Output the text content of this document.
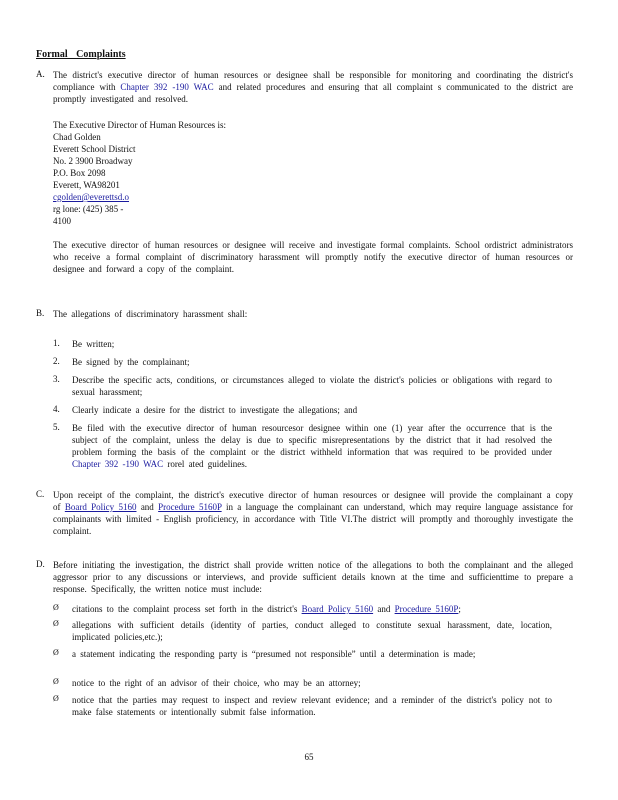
Formal Complaints
A. The district's executive director of human resources or designee shall be responsible for monitoring and coordinating the district's compliance with Chapter 392 -190 WAC and related procedures and ensuring that all complaint s communicated to the district are promptly investigated and resolved.

The Executive Director of Human Resources is:
Chad Golden
Everett School District
No. 2 3900 Broadway
P.O. Box 2098
Everett, WA98201
cgolden@everettsd.o
rg lone: (425) 385 -
4100

The executive director of human resources or designee will receive and investigate formal complaints. School ordistrict administrators who receive a formal complaint of discriminatory harassment will promptly notify the executive director of human resources or designee and forward a copy of the complaint.

B. The allegations of discriminatory harassment shall:

1. Be written;

2. Be signed by the complainant;

3. Describe the specific acts, conditions, or circumstances alleged to violate the district's policies or obligations with regard to sexual harassment;

4. Clearly indicate a desire for the district to investigate the allegations; and

5. Be filed with the executive director of human resourcesor designee within one (1) year after the occurrence that is the subject of the complaint, unless the delay is due to specific misrepresentations by the district that it had resolved the problem forming the basis of the complaint or the district withheld information that was required to be provided under Chapter 392 -190 WAC rorel ated guidelines.

C. Upon receipt of the complaint, the district's executive director of human resources or designee will provide the complainant a copy of Board Policy 5160 and Procedure 5160P in a language the complainant can understand, which may require language assistance for complainants with limited - English proficiency, in accordance with Title VI.The district will promptly and thoroughly investigate the complaint.

D. Before initiating the investigation, the district shall provide written notice of the allegations to both the complainant and the alleged aggressor prior to any discussions or interviews, and provide sufficient details known at the time and sufficienttime to prepare a response. Specifically, the written notice must include:

Ø citations to the complaint process set forth in the district's Board Policy 5160 and Procedure 5160P;

Ø allegations with sufficient details (identity of parties, conduct alleged to constitute sexual harassment, date, location, implicated policies,etc.);

Ø a statement indicating the responding party is “presumed not responsible” until a determination is made;

Ø notice to the right of an advisor of their choice, who may be an attorney;

Ø notice that the parties may request to inspect and review relevant evidence; and a reminder of the district's policy not to make false statements or intentionally submit false information.

65
